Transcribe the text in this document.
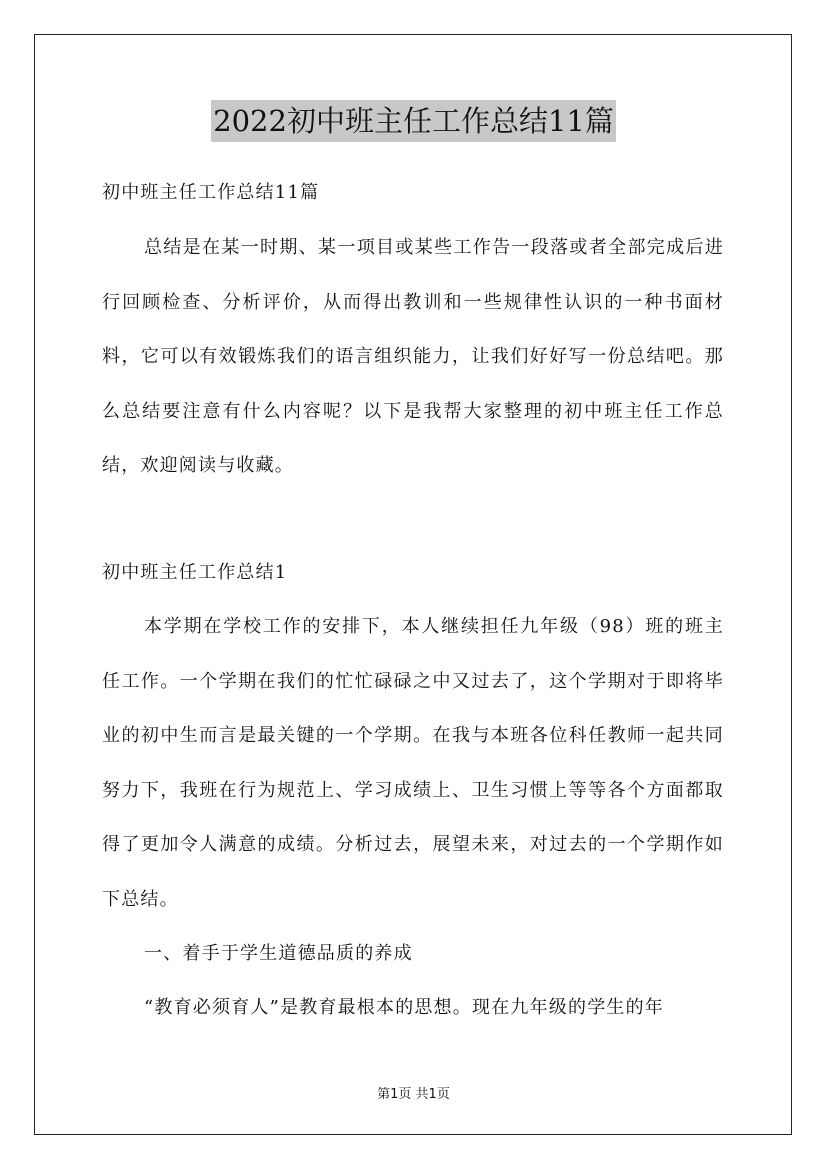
2022初中班主任工作总结11篇
初中班主任工作总结11篇

总结是在某一时期、某一项目或某些工作告一段落或者全部完成后进行回顾检查、分析评价，从而得出教训和一些规律性认识的一种书面材料，它可以有效锻炼我们的语言组织能力，让我们好好写一份总结吧。那么总结要注意有什么内容呢？以下是我帮大家整理的初中班主任工作总结，欢迎阅读与收藏。

初中班主任工作总结1

本学期在学校工作的安排下，本人继续担任九年级（98）班的班主任工作。一个学期在我们的忙忙碌碌之中又过去了，这个学期对于即将毕业的初中生而言是最关键的一个学期。在我与本班各位科任教师一起共同努力下，我班在行为规范上、学习成绩上、卫生习惯上等等各个方面都取得了更加令人满意的成绩。分析过去，展望未来，对过去的一个学期作如下总结。

一、着手于学生道德品质的养成

“教育必须育人”是教育最根本的思想。现在九年级的学生的年

第1页 共1页
